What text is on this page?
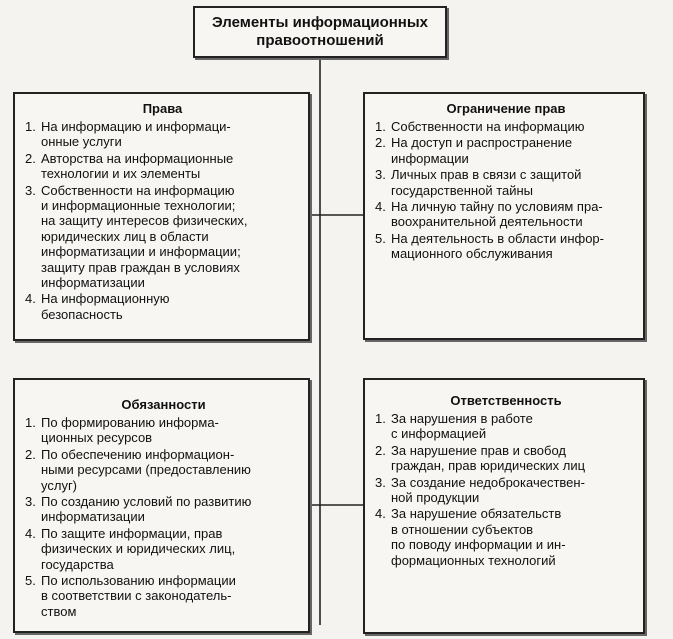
Элементы информационных
правоотношений
Права
1. На информацию и информаци-
онные услуги
2. Авторства на информационные
технологии и их элементы
3. Собственности на информацию
и информационные технологии;
на защиту интересов физических,
юридических лиц в области
информатизации и информации;
защиту прав граждан в условиях
информатизации
4. На информационную
безопасность
Ограничение прав
1. Собственности на информацию
2. На доступ и распространение
информации
3. Личных прав в связи с защитой
государственной тайны
4. На личную тайну по условиям пра-
воохранительной деятельности
5. На деятельность в области инфор-
мационного обслуживания
Обязанности
1. По формированию информа-
ционных ресурсов
2. По обеспечению информацион-
ными ресурсами (предоставлению
услуг)
3. По созданию условий по развитию
информатизации
4. По защите информации, прав
физических и юридических лиц,
государства
5. По использованию информации
в соответствии с законодатель-
ством
Ответственность
1. За нарушения в работе
с информацией
2. За нарушение прав и свобод
граждан, прав юридических лиц
3. За создание недоброкачествен-
ной продукции
4. За нарушение обязательств
в отношении субъектов
по поводу информации и ин-
формационных технологий
